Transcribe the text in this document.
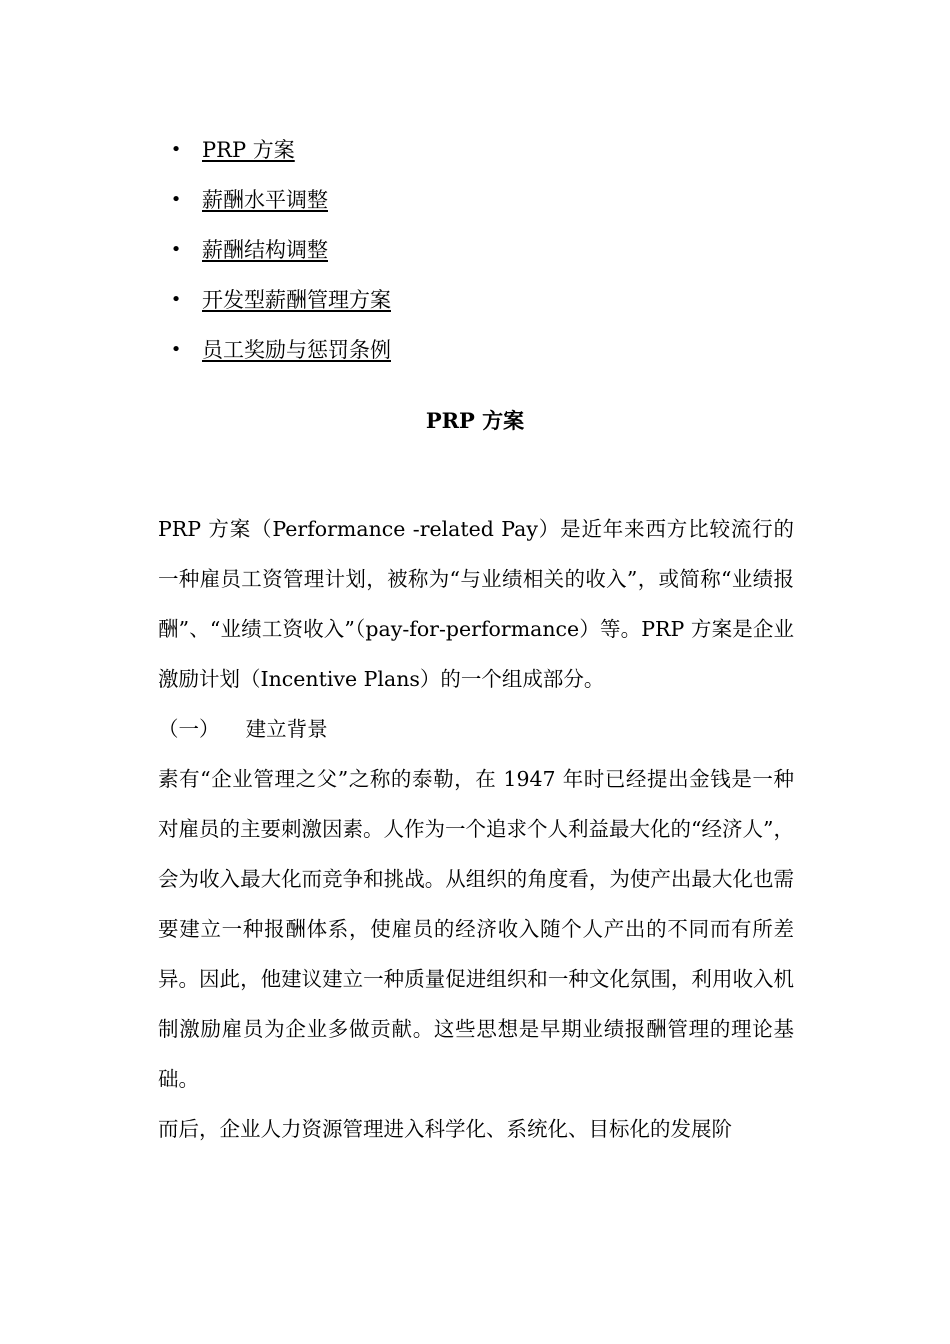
• PRP 方案
• 薪酬水平调整
• 薪酬结构调整
• 开发型薪酬管理方案
• 员工奖励与惩罚条例
PRP 方案

PRP 方案（Performance -related Pay）是近年来西方比较流行的一种雇员工资管理计划，被称为“与业绩相关的收入”，或简称“业绩报酬”、“业绩工资收入”（pay-for-performance）等。PRP 方案是企业激励计划（Incentive Plans）的一个组成部分。

（一） 建立背景

素有“企业管理之父”之称的泰勒，在 1947 年时已经提出金钱是一种对雇员的主要刺激因素。人作为一个追求个人利益最大化的“经济人”，会为收入最大化而竞争和挑战。从组织的角度看，为使产出最大化也需要建立一种报酬体系，使雇员的经济收入随个人产出的不同而有所差异。因此，他建议建立一种质量促进组织和一种文化氛围，利用收入机制激励雇员为企业多做贡献。这些思想是早期业绩报酬管理的理论基础。

而后，企业人力资源管理进入科学化、系统化、目标化的发展阶
